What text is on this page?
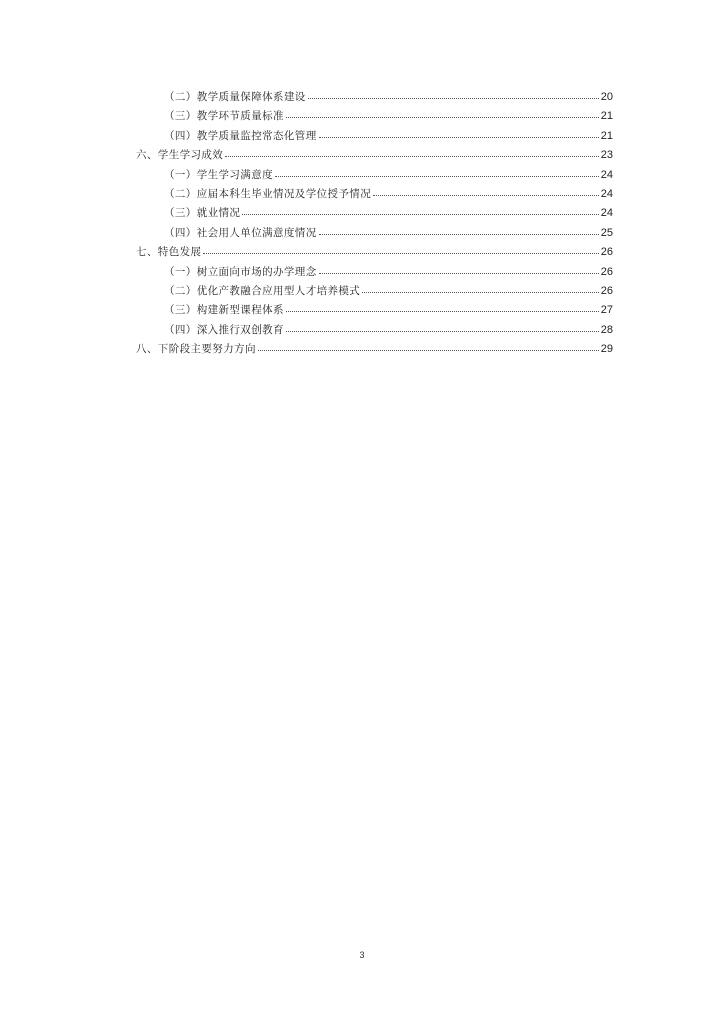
（二）教学质量保障体系建设	20
（三）教学环节质量标准	21
（四）教学质量监控常态化管理	21
六、学生学习成效	23
（一）学生学习满意度	24
（二）应届本科生毕业情况及学位授予情况	24
（三）就业情况	24
（四）社会用人单位满意度情况	25
七、特色发展	26
（一）树立面向市场的办学理念	26
（二）优化产教融合应用型人才培养模式	26
（三）构建新型课程体系	27
（四）深入推行双创教育	28
八、下阶段主要努力方向	29
3
